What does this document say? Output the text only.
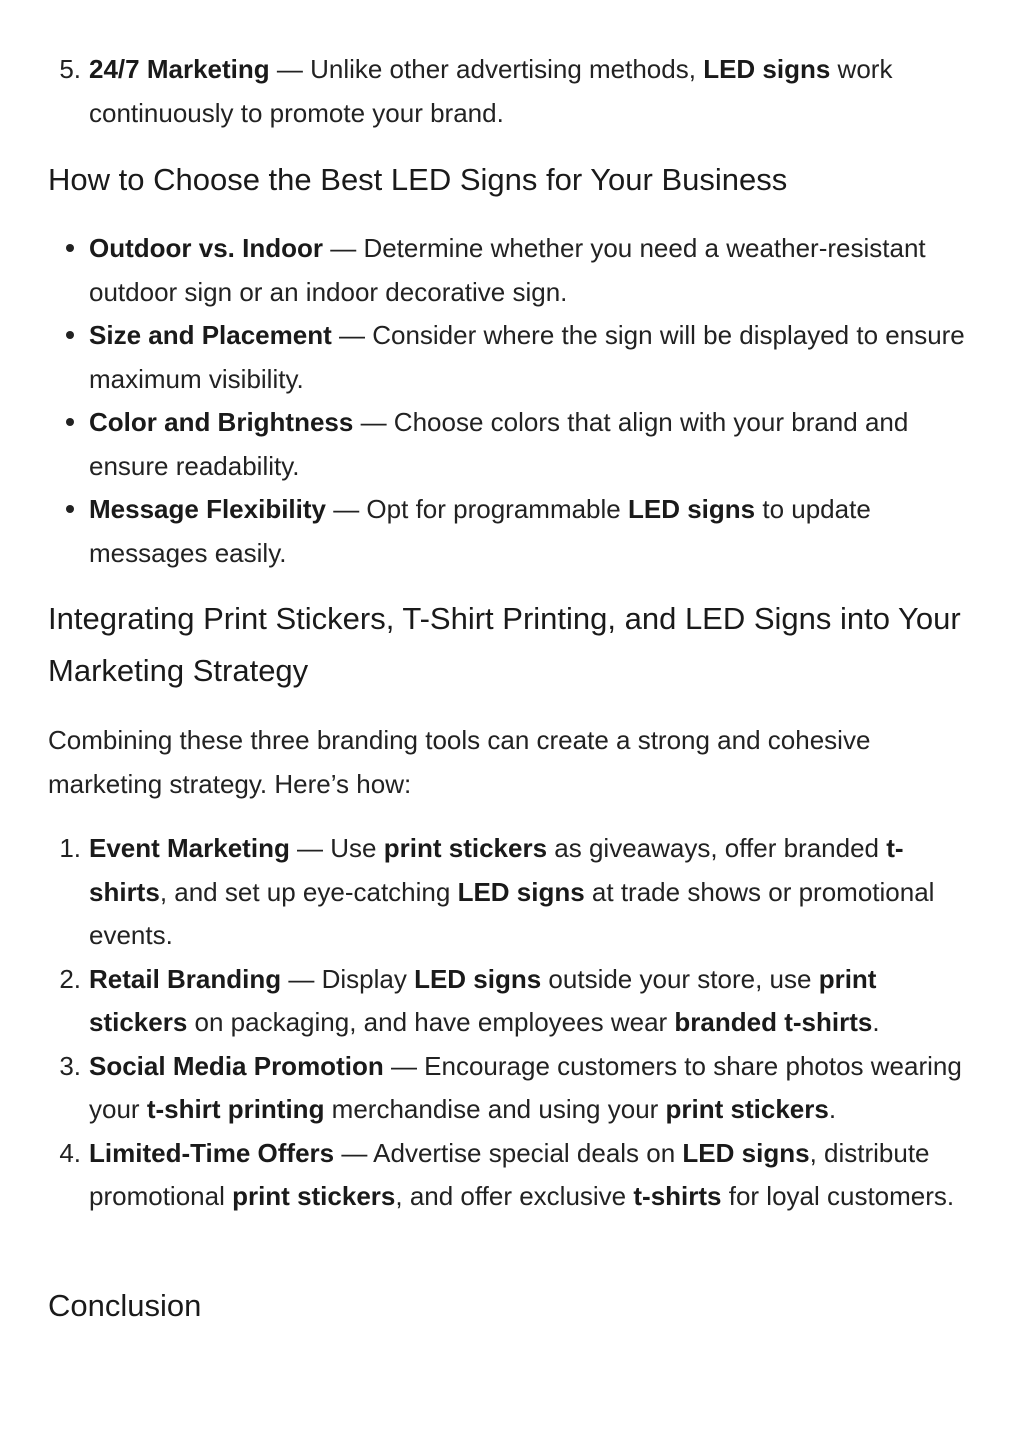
5. 24/7 Marketing — Unlike other advertising methods, LED signs work continuously to promote your brand.
How to Choose the Best LED Signs for Your Business
Outdoor vs. Indoor — Determine whether you need a weather-resistant outdoor sign or an indoor decorative sign.
Size and Placement — Consider where the sign will be displayed to ensure maximum visibility.
Color and Brightness — Choose colors that align with your brand and ensure readability.
Message Flexibility — Opt for programmable LED signs to update messages easily.
Integrating Print Stickers, T-Shirt Printing, and LED Signs into Your Marketing Strategy

Combining these three branding tools can create a strong and cohesive marketing strategy. Here’s how:

1. Event Marketing — Use print stickers as giveaways, offer branded t-shirts, and set up eye-catching LED signs at trade shows or promotional events.
2. Retail Branding — Display LED signs outside your store, use print stickers on packaging, and have employees wear branded t-shirts.
3. Social Media Promotion — Encourage customers to share photos wearing your t-shirt printing merchandise and using your print stickers.
4. Limited-Time Offers — Advertise special deals on LED signs, distribute promotional print stickers, and offer exclusive t-shirts for loyal customers.
Conclusion
